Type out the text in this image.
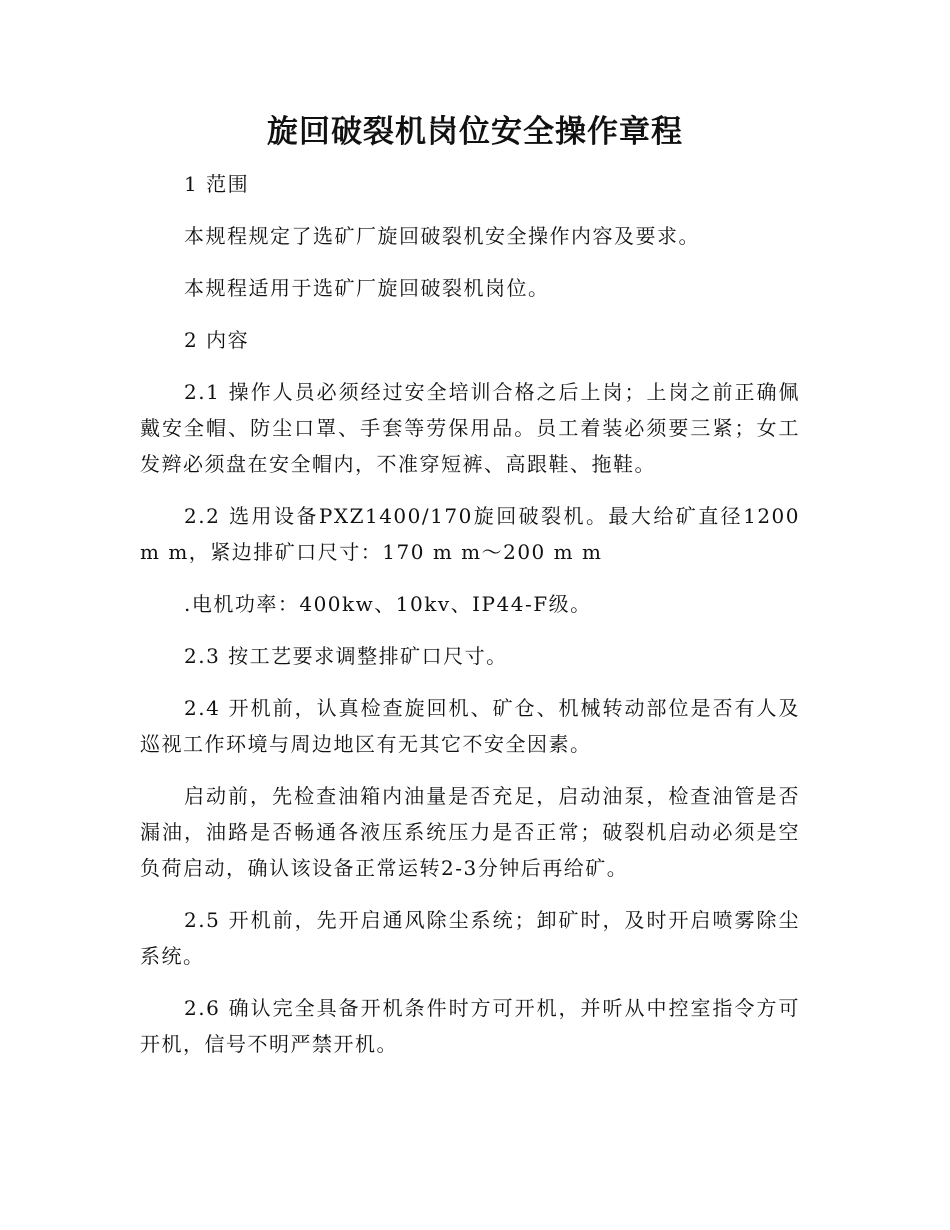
旋回破裂机岗位安全操作章程

1 范围

本规程规定了选矿厂旋回破裂机安全操作内容及要求。

本规程适用于选矿厂旋回破裂机岗位。

2 内容

2.1 操作人员必须经过安全培训合格之后上岗；上岗之前正确佩戴安全帽、防尘口罩、手套等劳保用品。员工着装必须要三紧；女工发辫必须盘在安全帽内，不准穿短裤、高跟鞋、拖鞋。

2.2 选用设备PXZ1400/170旋回破裂机。最大给矿直径1200 m m，紧边排矿口尺寸：170 m m～200 m m

.电机功率：400kw、10kv、IP44-F级。

2.3 按工艺要求调整排矿口尺寸。

2.4 开机前，认真检查旋回机、矿仓、机械转动部位是否有人及巡视工作环境与周边地区有无其它不安全因素。

启动前，先检查油箱内油量是否充足，启动油泵，检查油管是否漏油，油路是否畅通各液压系统压力是否正常；破裂机启动必须是空负荷启动，确认该设备正常运转2-3分钟后再给矿。

2.5 开机前，先开启通风除尘系统；卸矿时，及时开启喷雾除尘系统。

2.6 确认完全具备开机条件时方可开机，并听从中控室指令方可开机，信号不明严禁开机。
